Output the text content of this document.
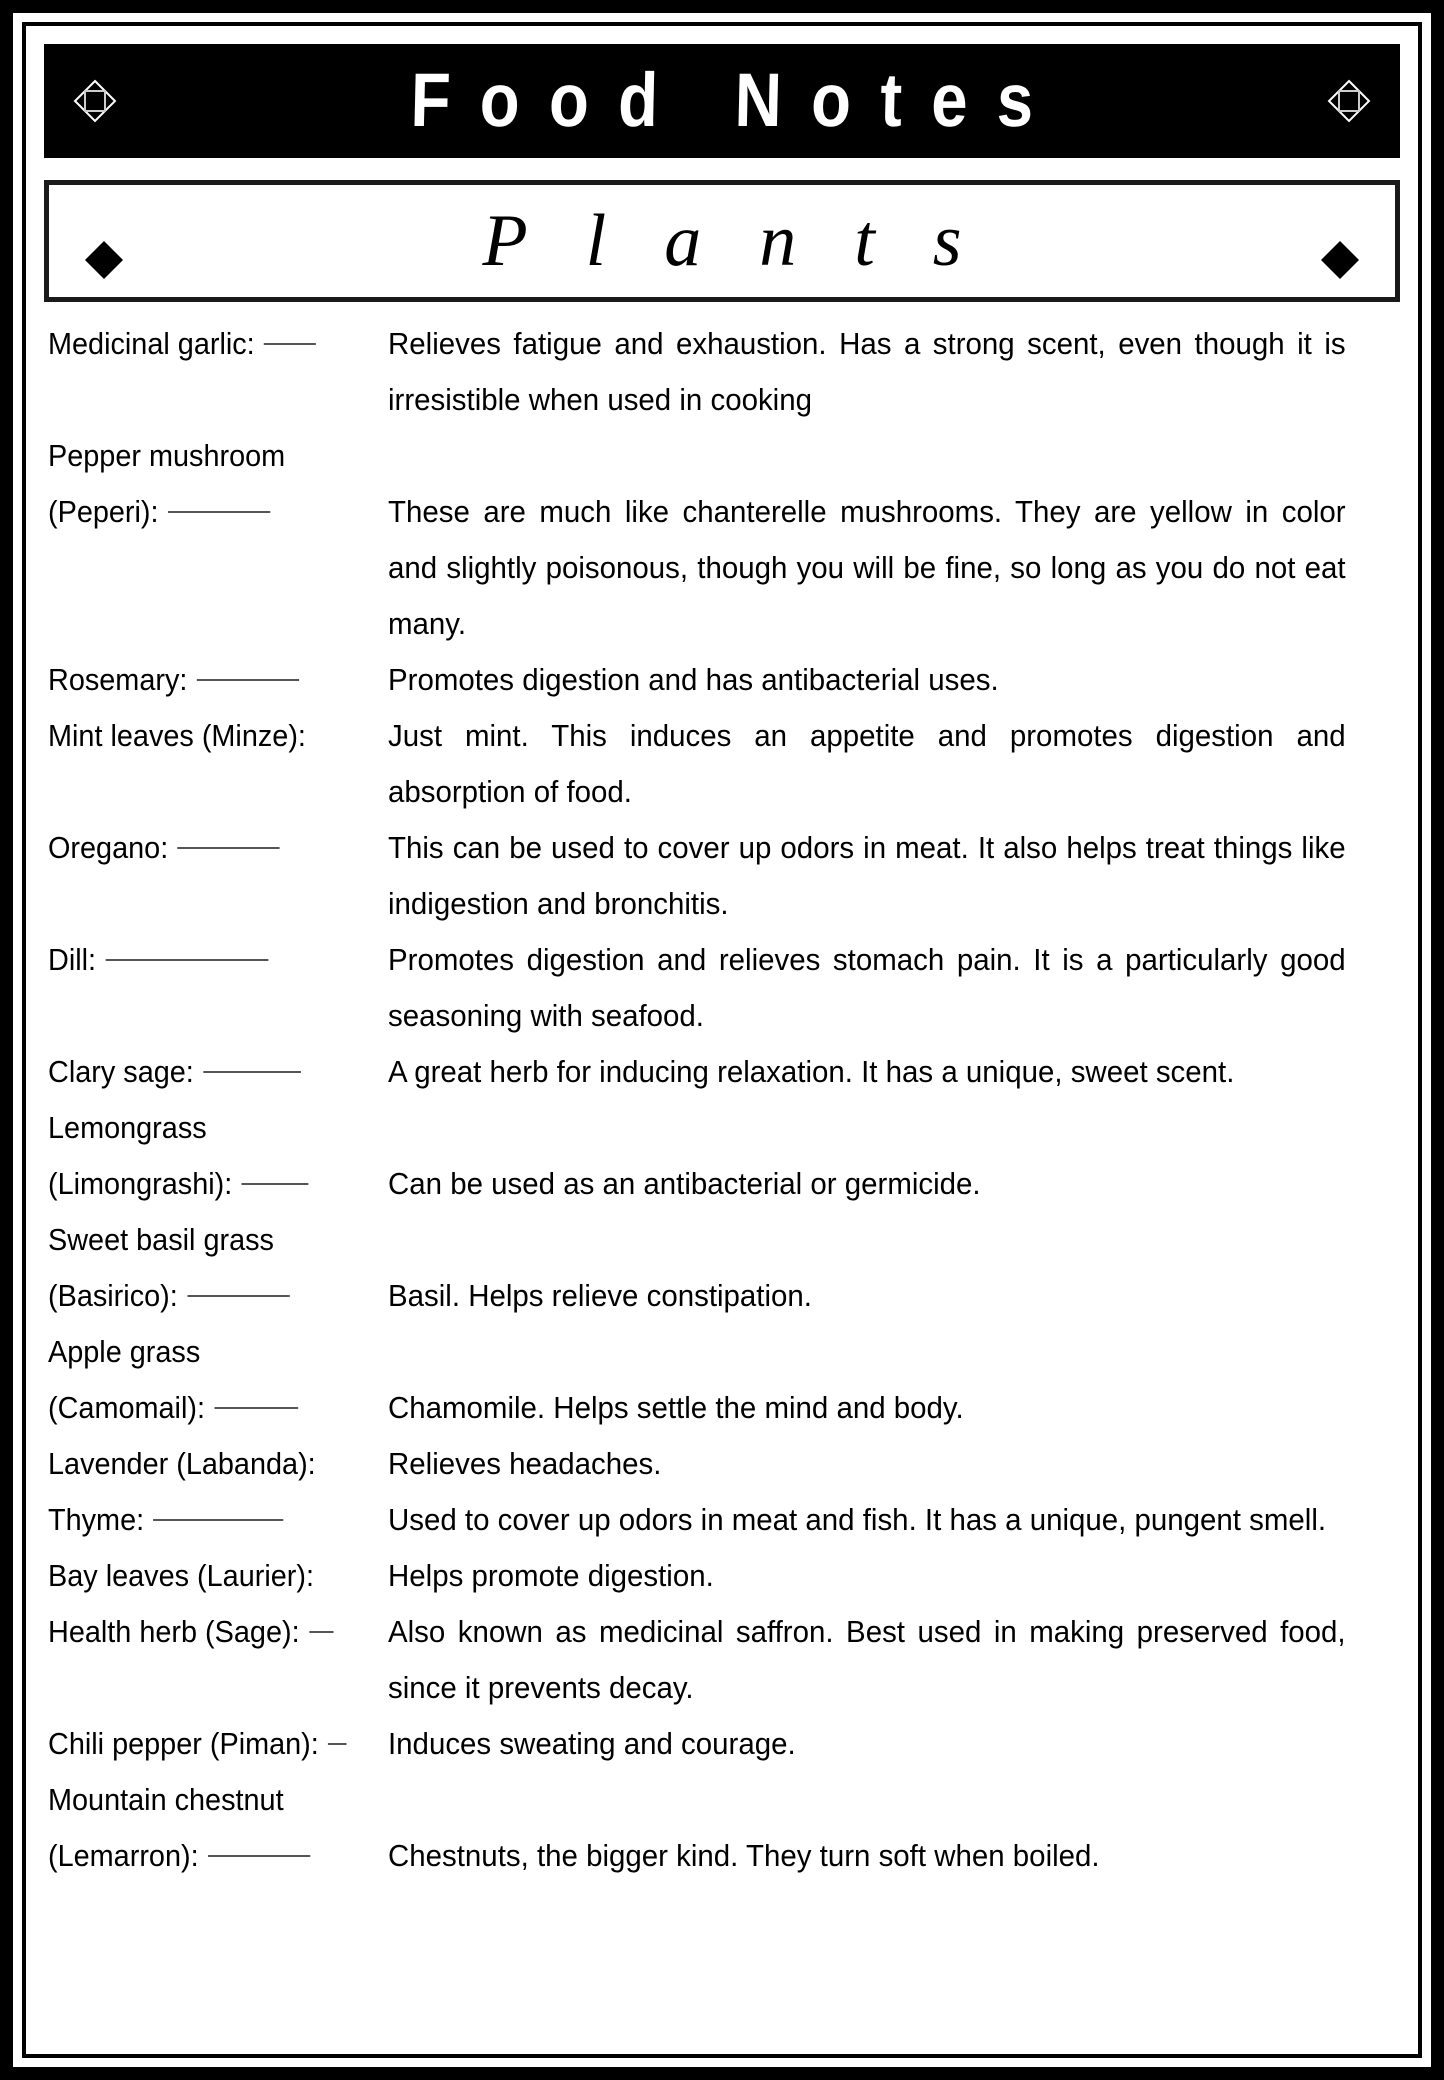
Food Notes
Plants
Medicinal garlic:	Relieves fatigue and exhaustion. Has a strong scent, even though it is irresistible when used in cooking
Pepper mushroom
(Peperi):	These are much like chanterelle mushrooms. They are yellow in color and slightly poisonous, though you will be fine, so long as you do not eat many.
Rosemary:	Promotes digestion and has antibacterial uses.
Mint leaves (Minze):	Just mint. This induces an appetite and promotes digestion and absorption of food.
Oregano:	This can be used to cover up odors in meat. It also helps treat things like indigestion and bronchitis.
Dill:	Promotes digestion and relieves stomach pain. It is a particularly good seasoning with seafood.
Clary sage:	A great herb for inducing relaxation. It has a unique, sweet scent.
Lemongrass
(Limongrashi):	Can be used as an antibacterial or germicide.
Sweet basil grass
(Basirico):	Basil. Helps relieve constipation.
Apple grass
(Camomail):	Chamomile. Helps settle the mind and body.
Lavender (Labanda): Relieves headaches.
Thyme:	Used to cover up odors in meat and fish. It has a unique, pungent smell.
Bay leaves (Laurier): Helps promote digestion.
Health herb (Sage):	Also known as medicinal saffron. Best used in making preserved food, since it prevents decay.
Chili pepper (Piman): Induces sweating and courage.
Mountain chestnut
(Lemarron):	Chestnuts, the bigger kind. They turn soft when boiled.
